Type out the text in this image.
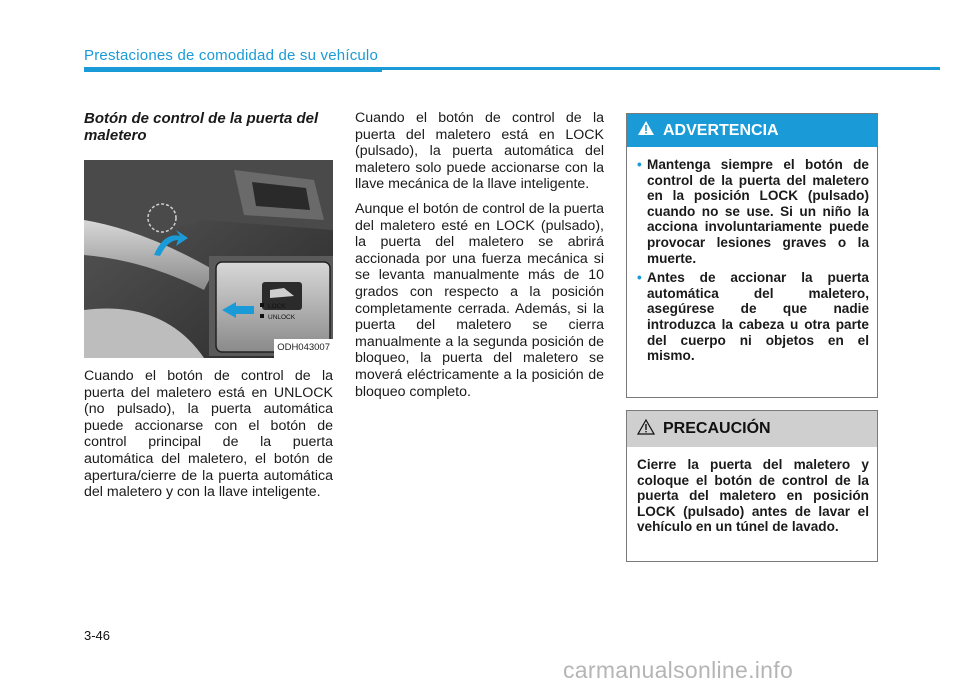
Prestaciones de comodidad de su vehículo
Botón de control de la puerta del maletero
LOCK
UNLOCK
ODH043007

Cuando el botón de control de la puerta del maletero está en UNLOCK (no pulsado), la puerta automática puede accionarse con el botón de control principal de la puerta automática del maletero, el botón de apertura/cierre de la puerta automática del maletero y con la llave inteligente.

Cuando el botón de control de la puerta del maletero está en LOCK (pulsado), la puerta automática del maletero solo puede accionarse con la llave mecánica de la llave inteligente.

Aunque el botón de control de la puerta del maletero esté en LOCK (pulsado), la puerta del maletero se abrirá accionada por una fuerza mecánica si se levanta manualmente más de 10 grados con respecto a la posición completamente cerrada. Además, si la puerta del maletero se cierra manualmente a la segunda posición de bloqueo, la puerta del maletero se moverá eléctricamente a la posición de bloqueo completo.

ADVERTENCIA
• Mantenga siempre el botón de control de la puerta del maletero en la posición LOCK (pulsado) cuando no se use. Si un niño la acciona involuntariamente puede provocar lesiones graves o la muerte.
• Antes de accionar la puerta automática del maletero, asegúrese de que nadie introduzca la cabeza u otra parte del cuerpo ni objetos en el mismo.
PRECAUCIÓN
Cierre la puerta del maletero y coloque el botón de control de la puerta del maletero en posición LOCK (pulsado) antes de lavar el vehículo en un túnel de lavado.
3-46
carmanualsonline.info
